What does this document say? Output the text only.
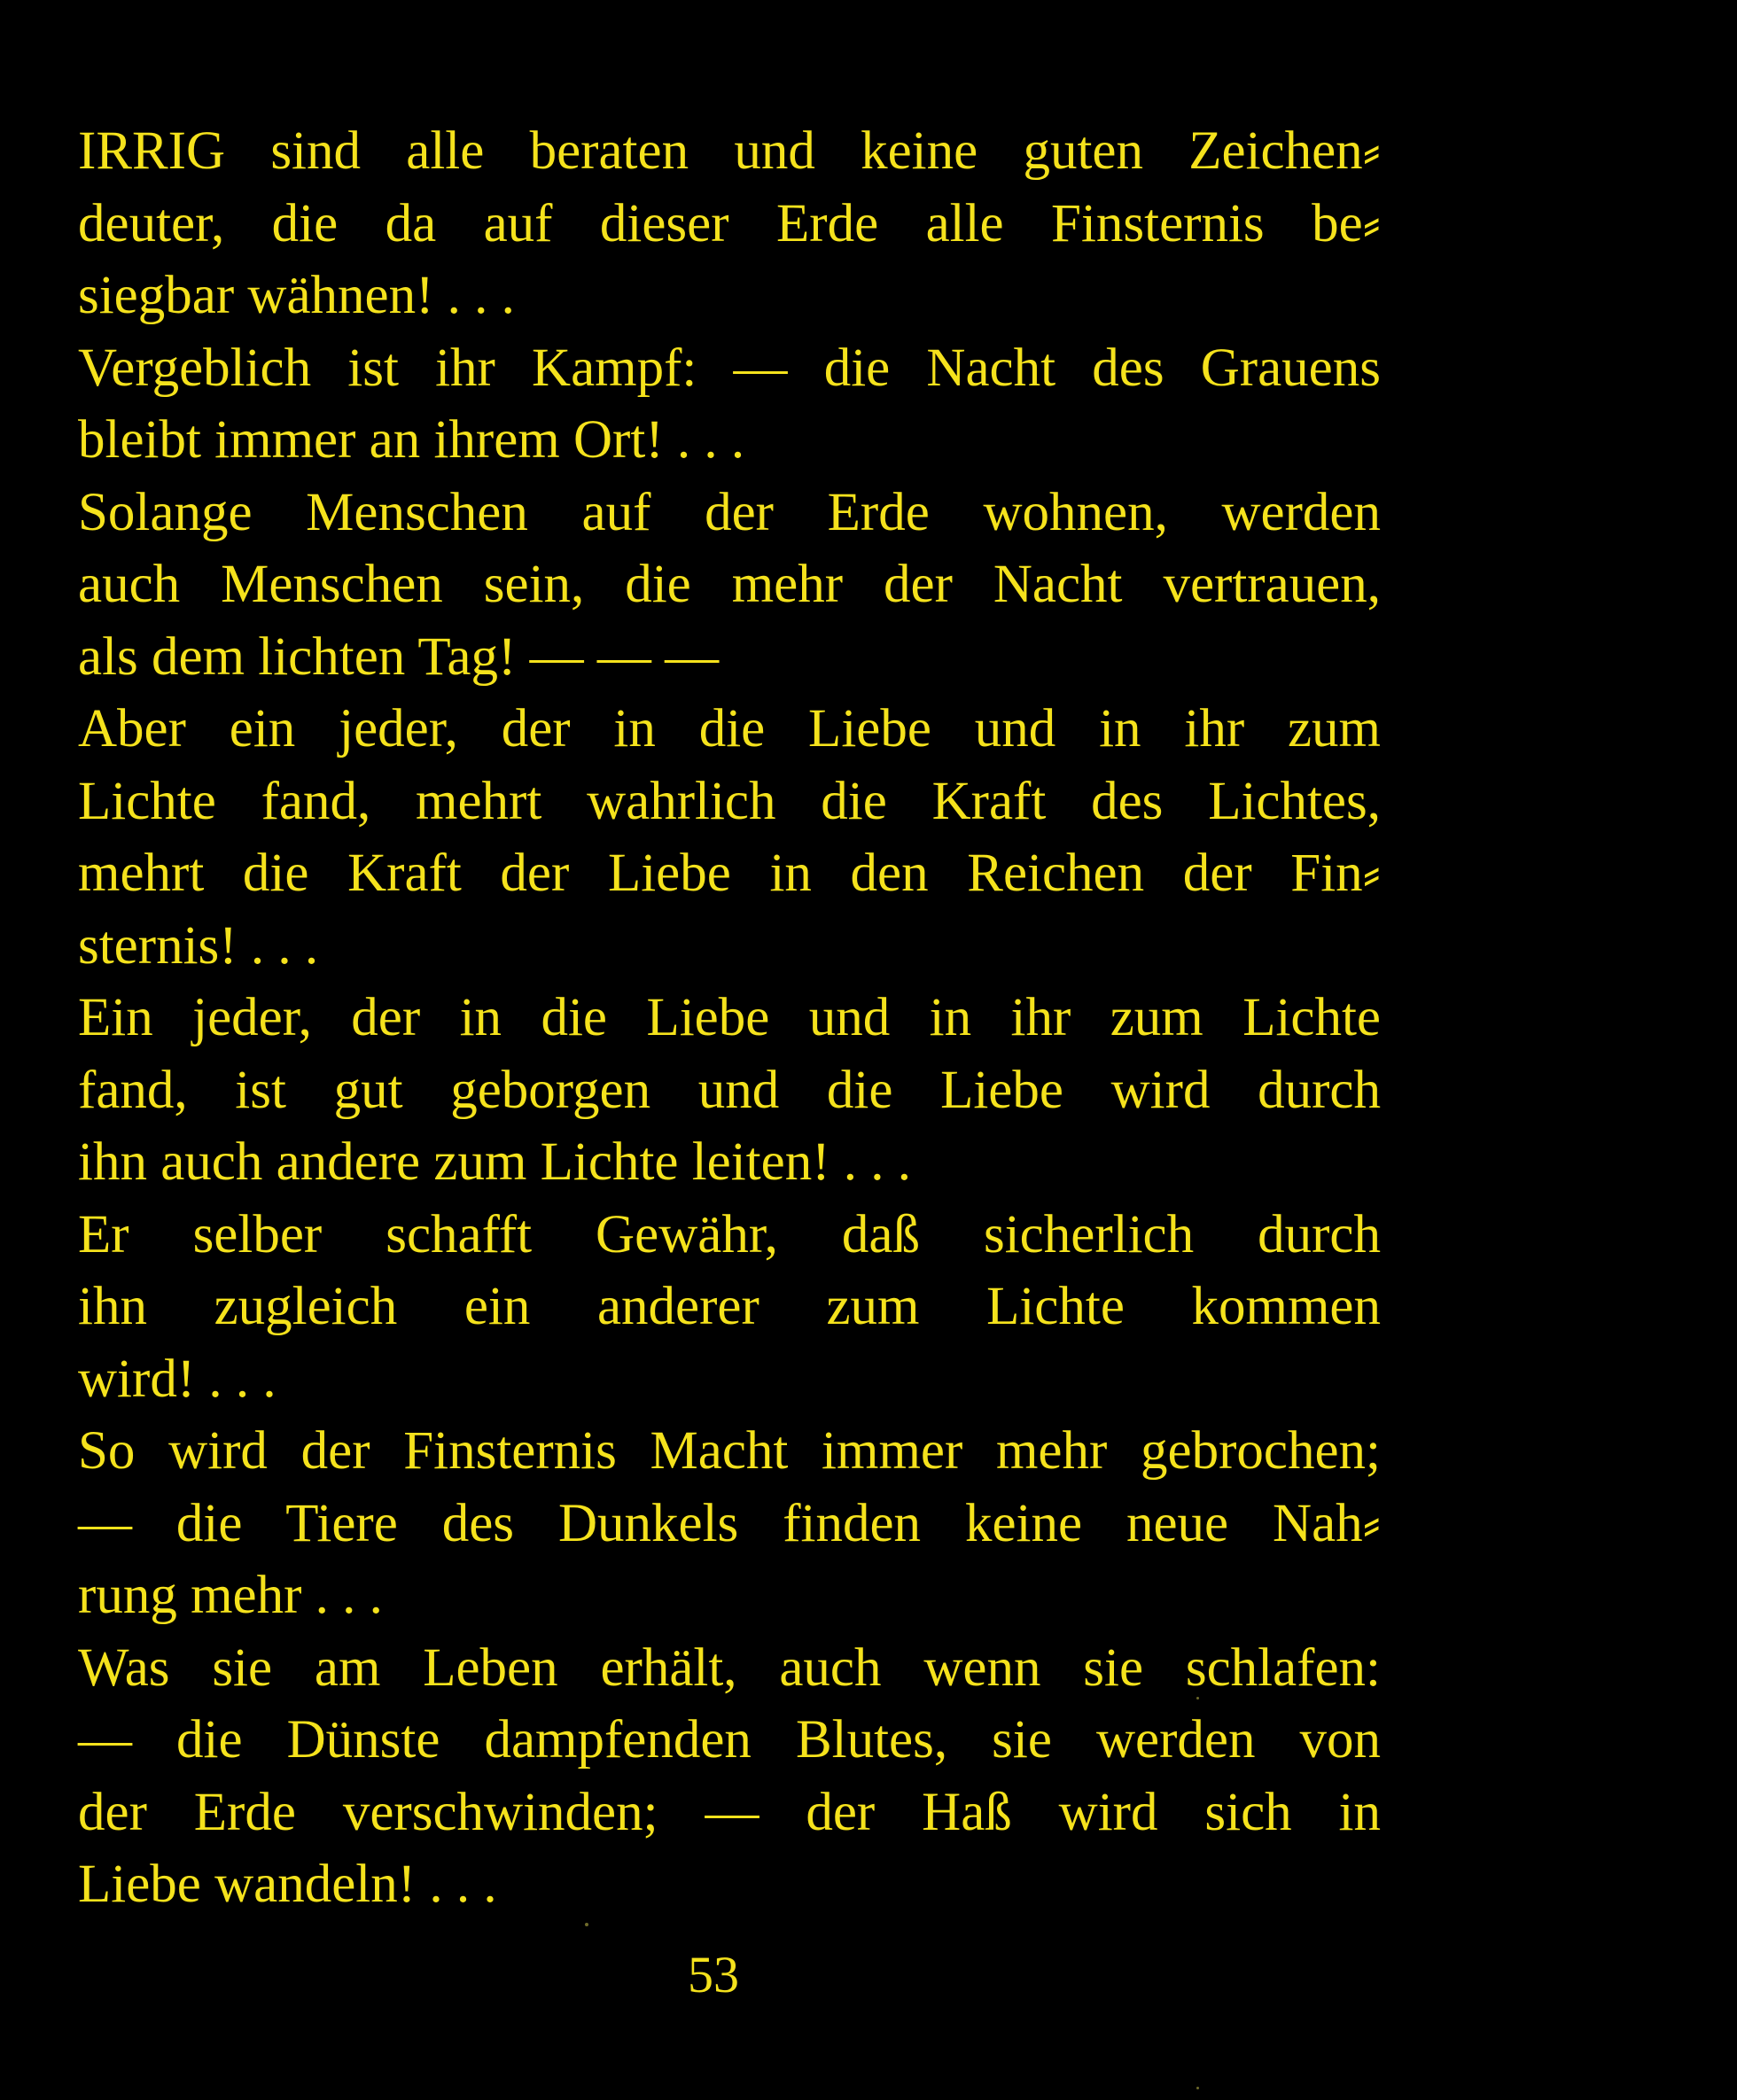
IRRIG sind alle beraten und keine guten Zeichen⸗
deuter, die da auf dieser Erde alle Finsternis be⸗
siegbar wähnen! . . .
Vergeblich ist ihr Kampf: — die Nacht des Grauens
bleibt immer an ihrem Ort! . . .
Solange Menschen auf der Erde wohnen, werden
auch Menschen sein, die mehr der Nacht vertrauen,
als dem lichten Tag! — — —
Aber ein jeder, der in die Liebe und in ihr zum
Lichte fand, mehrt wahrlich die Kraft des Lichtes,
mehrt die Kraft der Liebe in den Reichen der Fin⸗
sternis! . . .
Ein jeder, der in die Liebe und in ihr zum Lichte
fand, ist gut geborgen und die Liebe wird durch
ihn auch andere zum Lichte leiten! . . .
Er selber schafft Gewähr, daß sicherlich durch
ihn zugleich ein anderer zum Lichte kommen
wird! . . .
So wird der Finsternis Macht immer mehr gebrochen;
— die Tiere des Dunkels finden keine neue Nah⸗
rung mehr . . .
Was sie am Leben erhält, auch wenn sie schlafen:
— die Dünste dampfenden Blutes, sie werden von
der Erde verschwinden; — der Haß wird sich in
Liebe wandeln! . . .
53
